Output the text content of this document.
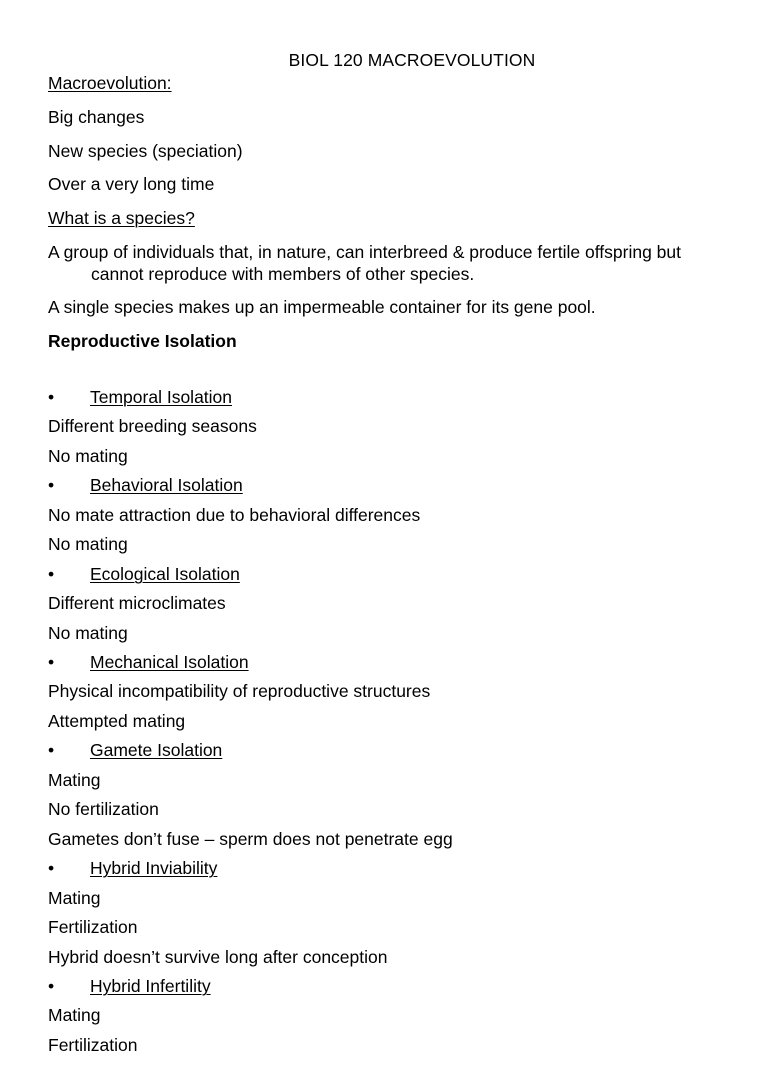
BIOL 120 MACROEVOLUTION
Macroevolution:
Big changes
New species (speciation)
Over a very long time
What is a species?
A group of individuals that, in nature, can interbreed & produce fertile offspring but
cannot reproduce with members of other species.
A single species makes up an impermeable container for its gene pool.
Reproductive Isolation
• Temporal Isolation
Different breeding seasons
No mating
• Behavioral Isolation
No mate attraction due to behavioral differences
No mating
• Ecological Isolation
Different microclimates
No mating
• Mechanical Isolation
Physical incompatibility of reproductive structures
Attempted mating
• Gamete Isolation
Mating
No fertilization
Gametes don’t fuse – sperm does not penetrate egg
• Hybrid Inviability
Mating
Fertilization
Hybrid doesn’t survive long after conception
• Hybrid Infertility
Mating
Fertilization
